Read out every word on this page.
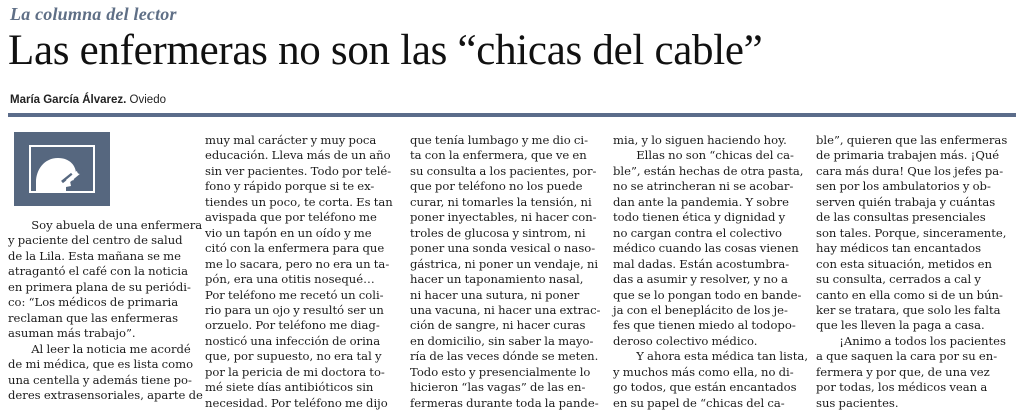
La columna del lector
Las enfermeras no son las “chicas del cable”
María García Álvarez. Oviedo
  Soy abuela de una enfermera
y paciente del centro de salud
de la Lila. Esta mañana se me
atragantó el café con la noticia
en primera plana de su periódi-
co: “Los médicos de primaria
reclaman que las enfermeras
asuman más trabajo”.
  Al leer la noticia me acordé
de mi médica, que es lista como
una centella y además tiene po-
deres extrasensoriales, aparte de
muy mal carácter y muy poca
educación. Lleva más de un año
sin ver pacientes. Todo por telé-
fono y rápido porque si te ex-
tiendes un poco, te corta. Es tan
avispada que por teléfono me
vio un tapón en un oído y me
citó con la enfermera para que
me lo sacara, pero no era un ta-
pón, era una otitis nosequé…
Por teléfono me recetó un coli-
rio para un ojo y resultó ser un
orzuelo. Por teléfono me diag-
nosticó una infección de orina
que, por supuesto, no era tal y
por la pericia de mi doctora to-
mé siete días antibióticos sin
necesidad. Por teléfono me dijo
que tenía lumbago y me dio ci-
ta con la enfermera, que ve en
su consulta a los pacientes, por-
que por teléfono no los puede
curar, ni tomarles la tensión, ni
poner inyectables, ni hacer con-
troles de glucosa y sintrom, ni
poner una sonda vesical o naso-
gástrica, ni poner un vendaje, ni
hacer un taponamiento nasal,
ni hacer una sutura, ni poner
una vacuna, ni hacer una extrac-
ción de sangre, ni hacer curas
en domicilio, sin saber la mayo-
ría de las veces dónde se meten.
Todo esto y presencialmente lo
hicieron “las vagas” de las en-
fermeras durante toda la pande-
mia, y lo siguen haciendo hoy.
  Ellas no son “chicas del ca-
ble”, están hechas de otra pasta,
no se atrincheran ni se acobar-
dan ante la pandemia. Y sobre
todo tienen ética y dignidad y
no cargan contra el colectivo
médico cuando las cosas vienen
mal dadas. Están acostumbra-
das a asumir y resolver, y no a
que se lo pongan todo en bande-
ja con el beneplácito de los je-
fes que tienen miedo al todopo-
deroso colectivo médico.
  Y ahora esta médica tan lista,
y muchos más como ella, no di-
go todos, que están encantados
en su papel de “chicas del ca-
ble”, quieren que las enfermeras
de primaria trabajen más. ¡Qué
cara más dura! Que los jefes pa-
sen por los ambulatorios y ob-
serven quién trabaja y cuántas
de las consultas presenciales
son tales. Porque, sinceramente,
hay médicos tan encantados
con esta situación, metidos en
su consulta, cerrados a cal y
canto en ella como si de un bún-
ker se tratara, que solo les falta
que les lleven la paga a casa.
  ¡Animo a todos los pacientes
a que saquen la cara por su en-
fermera y por que, de una vez
por todas, los médicos vean a
sus pacientes.
